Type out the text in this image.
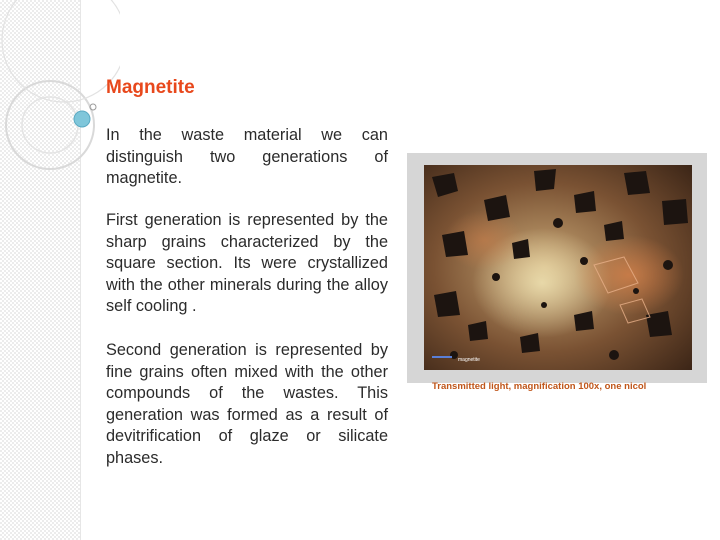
Magnetite

In the waste material we can distinguish two generations of magnetite.

First generation is represented by the sharp grains characterized by the square section. Its were crystallized with the other minerals during the alloy self cooling .

Second generation is represented by fine grains often mixed with the other compounds of the wastes. This generation was formed as a result of devitrification of glaze or silicate phases.

magnetite

Transmitted light, magnification 100x, one nicol
